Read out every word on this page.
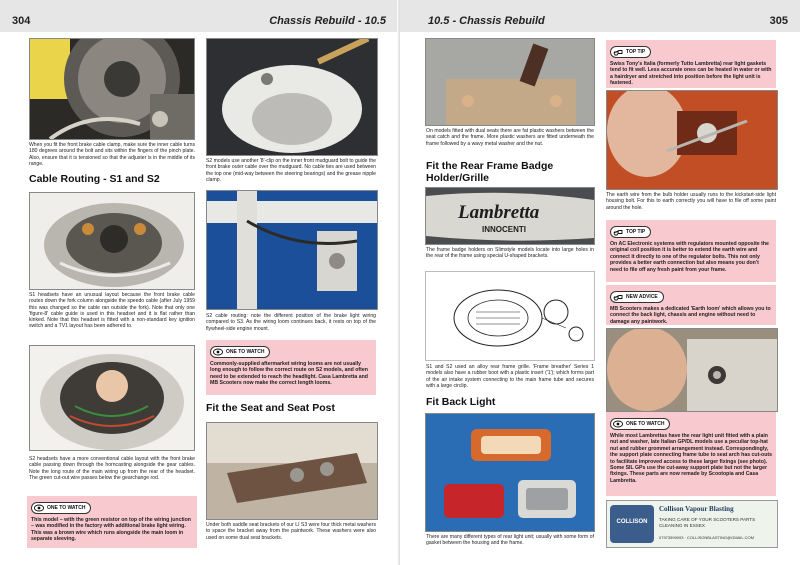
304	Chassis Rebuild - 10.5

When you fit the front brake cable clamp, make sure the inner cable turns 180 degrees around the bolt and sits within the fingers of the pinch plate. Also, ensure that it is tensioned so that the adjuster is in the middle of its range.

Cable Routing - S1 and S2

S1 headsets have an unusual layout because the front brake cable routes down the fork column alongside the speedo cable (after July 1959 this was changed so the cable ran outside the fork). Note that only one 'figure-8' cable guide is used in this headset and it is flat rather than kinked. Note that this headset is fitted with a non-standard key ignition switch and a TV1 layout has been adhered to.

S2 headsets have a more conventional cable layout with the front brake cable passing down through the horncasting alongside the gear cables. Note the long route of the main wiring up from the rear of the headset. The green cut-out wire passes below the gearchange rod.

ONE TO WATCH

This model – with the green resistor on top of the wiring junction – was modified in the factory with additional brake light wiring. This was a brown wire which runs alongside the main loom in separate sleeving.

S2 models use another '8'-clip on the inner front mudguard bolt to guide the front brake outer cable over the mudguard. No cable ties are used between the top one (mid-way between the steering bearings) and the grease nipple clamp.

S2 cable routing: note the different position of the brake light wiring compared to S3. As the wiring loom continues back, it rests on top of the flywheel-side engine mount.

ONE TO WATCH

Commonly-supplied aftermarket wiring looms are not usually long enough to follow the correct route on S2 models, and often need to be extended to reach the headlight. Casa Lambretta and MB Scooters now make the correct length looms.

Fit the Seat and Seat Post

Under both saddle seat brackets of our LI S3 were four thick metal washers to space the bracket away from the paintwork. These washers were also used on some dual seat brackets.

10.5 - Chassis Rebuild	305

On models fitted with dual seats there are fat plastic washers between the seat catch and the frame. More plastic washers are fitted underneath the frame followed by a wavy metal washer and the nut.

Fit the Rear Frame Badge Holder/Grille
Lambretta
INNOCENTI

The frame badge holders on Slimstyle models locate into large holes in the rear of the frame using special U-shaped brackets.

S1 and S2 used an alloy rear frame grille. 'Frame breather' Series 1 models also have a rubber boot with a plastic insert ('1'); which forms part of the air intake system connecting to the main frame tube and secures with a large circlip.

Fit Back Light

There are many different types of rear light unit; usually with some form of gasket between the housing and the frame.

TOP TIP

Swiss Tony's Italia (formerly Tutto Lambretta) rear light gaskets tend to fit well. Less accurate ones can be heated in water or with a hairdryer and stretched into position before the light unit is fastened.

The earth wire from the bulb holder usually runs to the kickstart-side light housing bolt. For this to earth correctly you will have to file off some paint around the hole.

TOP TIP

On AC Electronic systems with regulators mounted opposite the original coil position it is better to extend the earth wire and connect it directly to one of the regulator bolts. This not only provides a better earth connection but also means you don't need to file off any fresh paint from your frame.

NEW ADVICE

MB Scooters makes a dedicated 'Earth loom' which allows you to connect the back light, chassis and engine without need to damage any paintwork.

ONE TO WATCH

While most Lambrettas have the rear light unit fitted with a plain nut and washer, late Italian GP/DL models use a peculiar top-hat nut and rubber grommet arrangement instead. Correspondingly, the support plate connecting frame tube to seat arch has cut-outs to facilitate improved access to these larger fixings (see photo). Some SIL GPs use the cut-away support plate but not the larger fixings. These parts are now remade by Scootopia and Casa Lambretta.

COLLISON
Collison Vapour Blasting
TAKING CARE OF YOUR SCOOTERS PARTS CLEANING IN ESSEX
07973599093 · COLLISONBLASTING@GMAIL.COM
